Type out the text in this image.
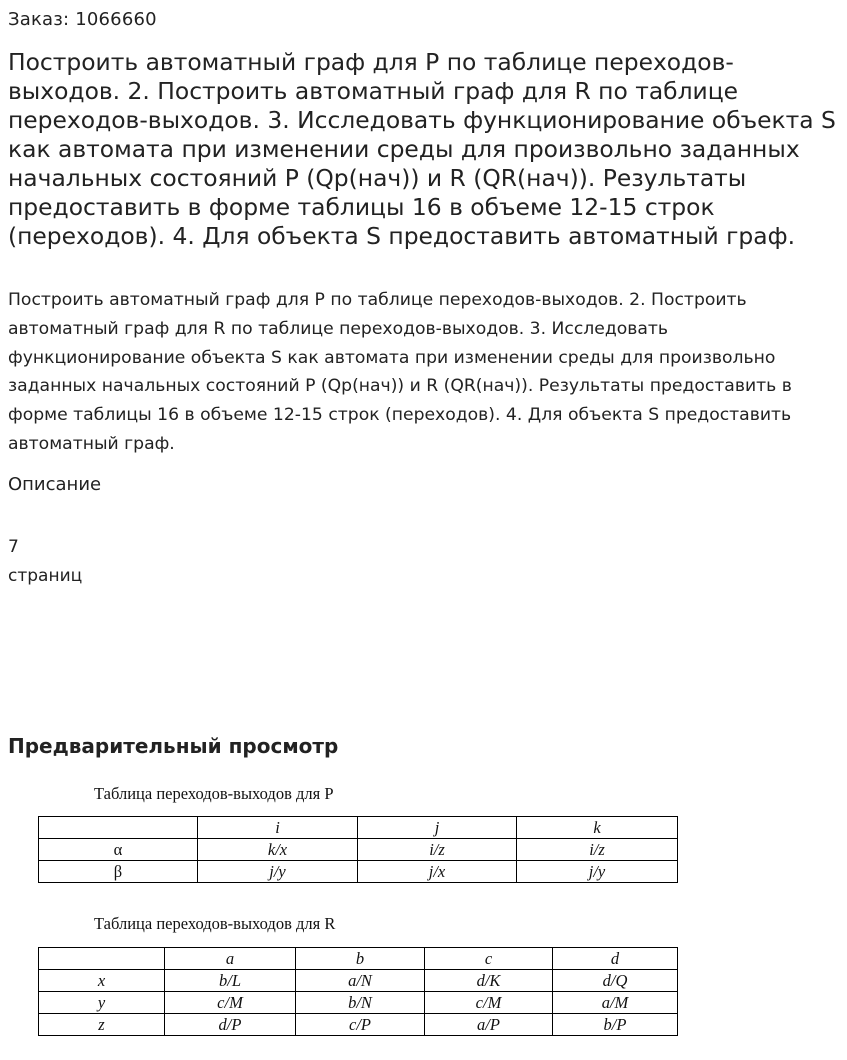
Заказ: 1066660
Построить автоматный граф для P по таблице переходов-выходов. 2. Построить автоматный граф для R по таблице переходов-выходов. 3. Исследовать функционирование объекта S как автомата при изменении среды для произвольно заданных начальных состояний P (Qp(нач)) и R (QR(нач)). Результаты предоставить в форме таблицы 16 в объеме 12-15 строк (переходов). 4. Для объекта S предоставить автоматный граф.
Построить автоматный граф для P по таблице переходов-выходов. 2. Построить автоматный граф для R по таблице переходов-выходов. 3. Исследовать функционирование объекта S как автомата при изменении среды для произвольно заданных начальных состояний P (Qp(нач)) и R (QR(нач)). Результаты предоставить в форме таблицы 16 в объеме 12-15 строк (переходов). 4. Для объекта S предоставить автоматный граф.
Описание
7
страниц
Предварительный просмотр
Таблица переходов-выходов для P
	i	j	k
α	k/x	i/z	i/z
β	j/y	j/x	j/y
Таблица переходов-выходов для R
	a	b	c	d
x	b/L	a/N	d/K	d/Q
y	c/M	b/N	c/M	a/M
z	d/P	c/P	a/P	b/P
